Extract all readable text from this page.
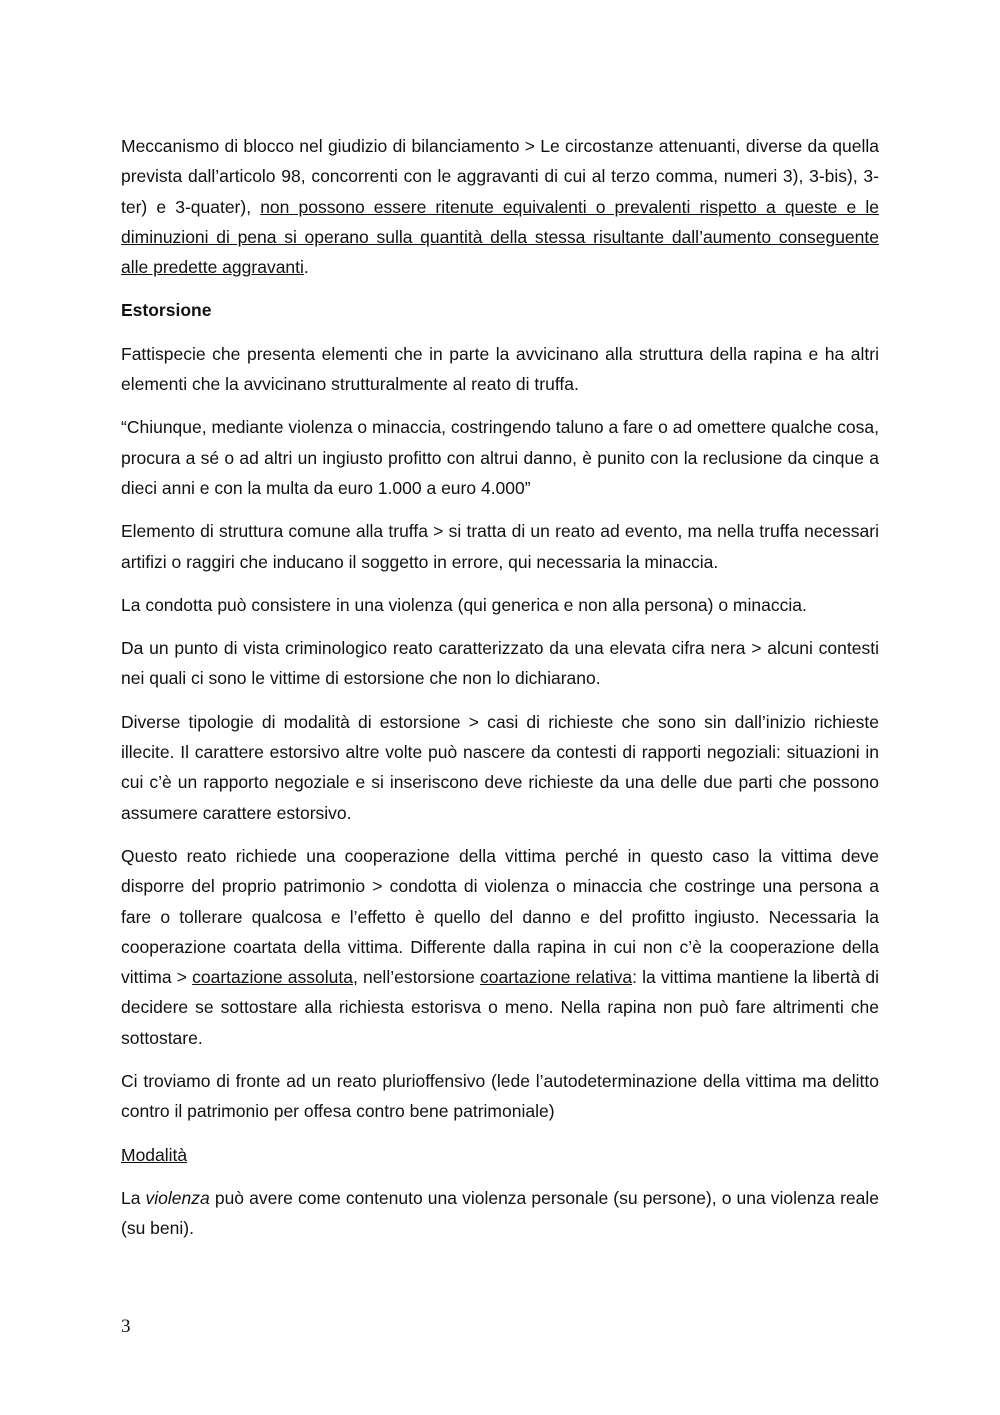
Meccanismo di blocco nel giudizio di bilanciamento > Le circostanze attenuanti, diverse da quella prevista dall’articolo 98, concorrenti con le aggravanti di cui al terzo comma, numeri 3), 3-bis), 3-ter) e 3-quater), non possono essere ritenute equivalenti o prevalenti rispetto a queste e le diminuzioni di pena si operano sulla quantità della stessa risultante dall’aumento conseguente alle predette aggravanti.

Estorsione

Fattispecie che presenta elementi che in parte la avvicinano alla struttura della rapina e ha altri elementi che la avvicinano strutturalmente al reato di truffa.

“Chiunque, mediante violenza o minaccia, costringendo taluno a fare o ad omettere qualche cosa, procura a sé o ad altri un ingiusto profitto con altrui danno, è punito con la reclusione da cinque a dieci anni e con la multa da euro 1.000 a euro 4.000”

Elemento di struttura comune alla truffa > si tratta di un reato ad evento, ma nella truffa necessari artifizi o raggiri che inducano il soggetto in errore, qui necessaria la minaccia.

La condotta può consistere in una violenza (qui generica e non alla persona) o minaccia.

Da un punto di vista criminologico reato caratterizzato da una elevata cifra nera > alcuni contesti nei quali ci sono le vittime di estorsione che non lo dichiarano.

Diverse tipologie di modalità di estorsione > casi di richieste che sono sin dall’inizio richieste illecite. Il carattere estorsivo altre volte può nascere da contesti di rapporti negoziali: situazioni in cui c’è un rapporto negoziale e si inseriscono deve richieste da una delle due parti che possono assumere carattere estorsivo.

Questo reato richiede una cooperazione della vittima perché in questo caso la vittima deve disporre del proprio patrimonio > condotta di violenza o minaccia che costringe una persona a fare o tollerare qualcosa e l’effetto è quello del danno e del profitto ingiusto. Necessaria la cooperazione coartata della vittima. Differente dalla rapina in cui non c’è la cooperazione della vittima > coartazione assoluta, nell’estorsione coartazione relativa: la vittima mantiene la libertà di decidere se sottostare alla richiesta estorisva o meno. Nella rapina non può fare altrimenti che sottostare.

Ci troviamo di fronte ad un reato plurioffensivo (lede l’autodeterminazione della vittima ma delitto contro il patrimonio per offesa contro bene patrimoniale)

Modalità

La violenza può avere come contenuto una violenza personale (su persone), o una violenza reale (su beni).

3
